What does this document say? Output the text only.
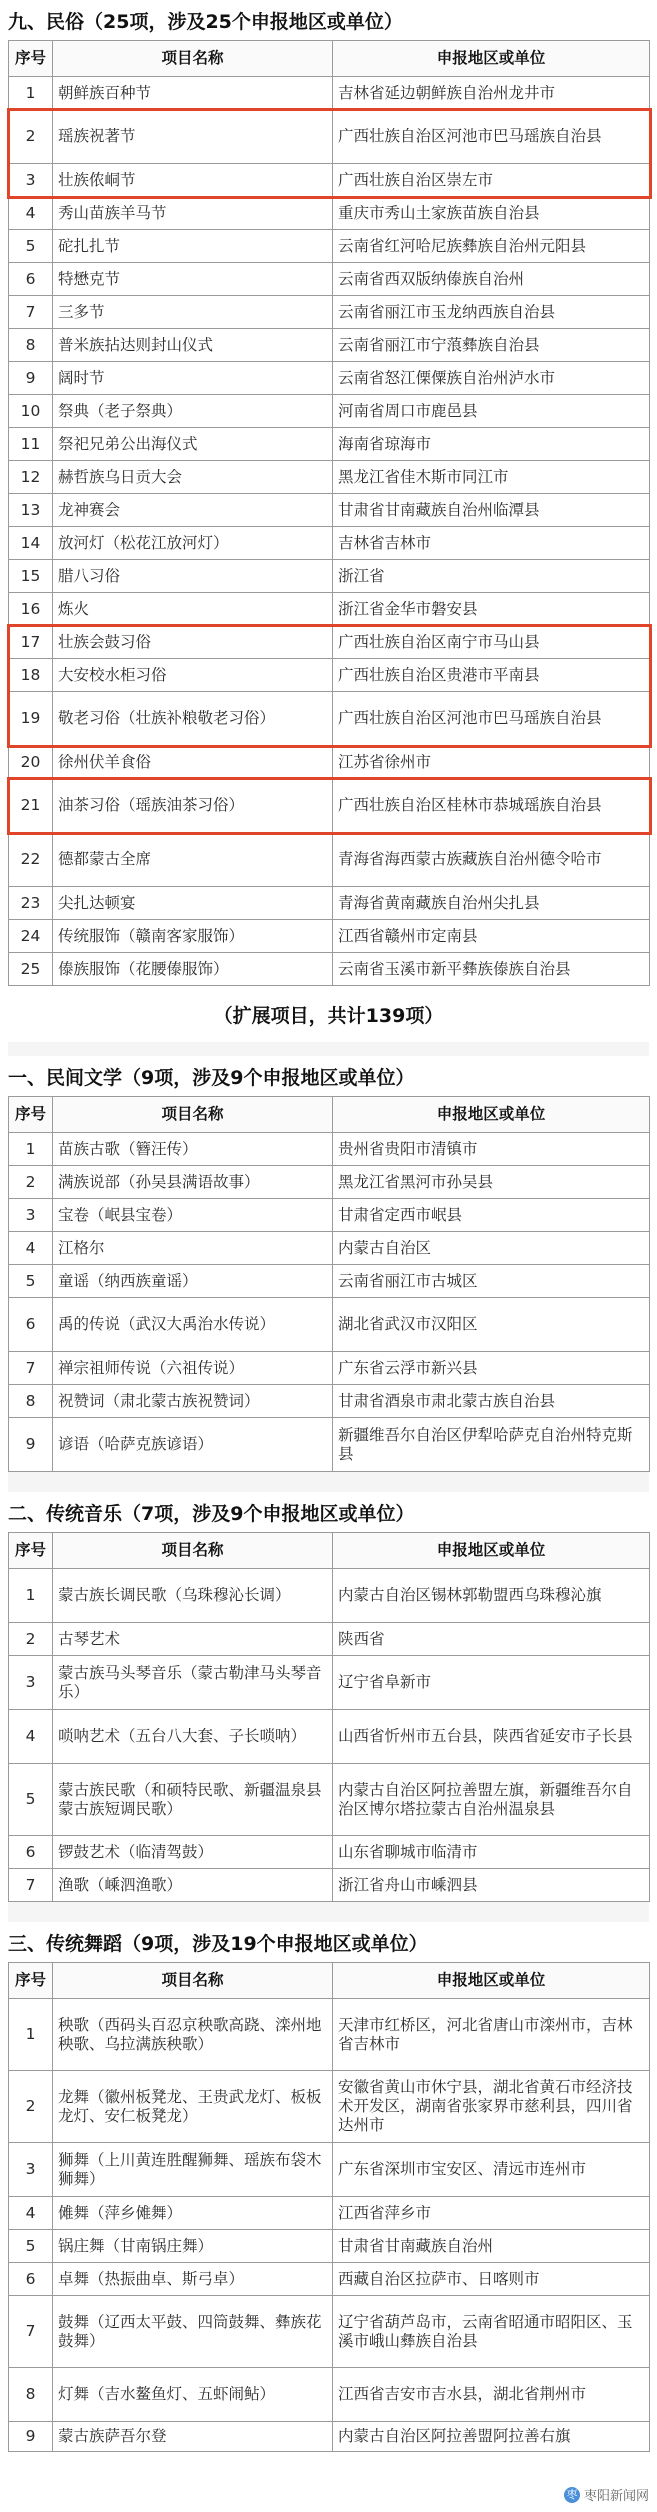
九、民俗（25项，涉及25个申报地区或单位）
序号	项目名称	申报地区或单位
1	朝鲜族百种节	吉林省延边朝鲜族自治州龙井市
2	瑶族祝著节	广西壮族自治区河池市巴马瑶族自治县
3	壮族侬峒节	广西壮族自治区崇左市
4	秀山苗族羊马节	重庆市秀山土家族苗族自治县
5	砣扎扎节	云南省红河哈尼族彝族自治州元阳县
6	特懋克节	云南省西双版纳傣族自治州
7	三多节	云南省丽江市玉龙纳西族自治县
8	普米族拈达则封山仪式	云南省丽江市宁蒗彝族自治县
9	阔时节	云南省怒江傈僳族自治州泸水市
10	祭典（老子祭典）	河南省周口市鹿邑县
11	祭祀兄弟公出海仪式	海南省琼海市
12	赫哲族乌日贡大会	黑龙江省佳木斯市同江市
13	龙神赛会	甘肃省甘南藏族自治州临潭县
14	放河灯（松花江放河灯）	吉林省吉林市
15	腊八习俗	浙江省
16	炼火	浙江省金华市磐安县
17	壮族会鼓习俗	广西壮族自治区南宁市马山县
18	大安校水柜习俗	广西壮族自治区贵港市平南县
19	敬老习俗（壮族补粮敬老习俗）	广西壮族自治区河池市巴马瑶族自治县
20	徐州伏羊食俗	江苏省徐州市
21	油茶习俗（瑶族油茶习俗）	广西壮族自治区桂林市恭城瑶族自治县
22	德都蒙古全席	青海省海西蒙古族藏族自治州德令哈市
23	尖扎达顿宴	青海省黄南藏族自治州尖扎县
24	传统服饰（赣南客家服饰）	江西省赣州市定南县
25	傣族服饰（花腰傣服饰）	云南省玉溪市新平彝族傣族自治县
（扩展项目，共计139项）
一、民间文学（9项，涉及9个申报地区或单位）
序号	项目名称	申报地区或单位
1	苗族古歌（簪汪传）	贵州省贵阳市清镇市
2	满族说部（孙吴县满语故事）	黑龙江省黑河市孙吴县
3	宝卷（岷县宝卷）	甘肃省定西市岷县
4	江格尔	内蒙古自治区
5	童谣（纳西族童谣）	云南省丽江市古城区
6	禹的传说（武汉大禹治水传说）	湖北省武汉市汉阳区
7	禅宗祖师传说（六祖传说）	广东省云浮市新兴县
8	祝赞词（肃北蒙古族祝赞词）	甘肃省酒泉市肃北蒙古族自治县
9	谚语（哈萨克族谚语）	新疆维吾尔自治区伊犁哈萨克自治州特克斯县
二、传统音乐（7项，涉及9个申报地区或单位）
序号	项目名称	申报地区或单位
1	蒙古族长调民歌（乌珠穆沁长调）	内蒙古自治区锡林郭勒盟西乌珠穆沁旗
2	古琴艺术	陕西省
3	蒙古族马头琴音乐（蒙古勒津马头琴音乐）	辽宁省阜新市
4	唢呐艺术（五台八大套、子长唢呐）	山西省忻州市五台县，陕西省延安市子长县
5	蒙古族民歌（和硕特民歌、新疆温泉县蒙古族短调民歌）	内蒙古自治区阿拉善盟左旗，新疆维吾尔自治区博尔塔拉蒙古自治州温泉县
6	锣鼓艺术（临清驾鼓）	山东省聊城市临清市
7	渔歌（嵊泗渔歌）	浙江省舟山市嵊泗县
三、传统舞蹈（9项，涉及19个申报地区或单位）
序号	项目名称	申报地区或单位
1	秧歌（西码头百忍京秧歌高跷、滦州地秧歌、乌拉满族秧歌）	天津市红桥区，河北省唐山市滦州市，吉林省吉林市
2	龙舞（徽州板凳龙、王贵武龙灯、板板龙灯、安仁板凳龙）	安徽省黄山市休宁县，湖北省黄石市经济技术开发区，湖南省张家界市慈利县，四川省达州市
3	狮舞（上川黄连胜醒狮舞、瑶族布袋木狮舞）	广东省深圳市宝安区、清远市连州市
4	傩舞（萍乡傩舞）	江西省萍乡市
5	锅庄舞（甘南锅庄舞）	甘肃省甘南藏族自治州
6	卓舞（热振曲卓、斯弓卓）	西藏自治区拉萨市、日喀则市
7	鼓舞（辽西太平鼓、四筒鼓舞、彝族花鼓舞）	辽宁省葫芦岛市，云南省昭通市昭阳区、玉溪市峨山彝族自治县
8	灯舞（吉水鳌鱼灯、五虾闹鲇）	江西省吉安市吉水县，湖北省荆州市
9	蒙古族萨吾尔登	内蒙古自治区阿拉善盟阿拉善右旗
枣 枣阳新闻网
